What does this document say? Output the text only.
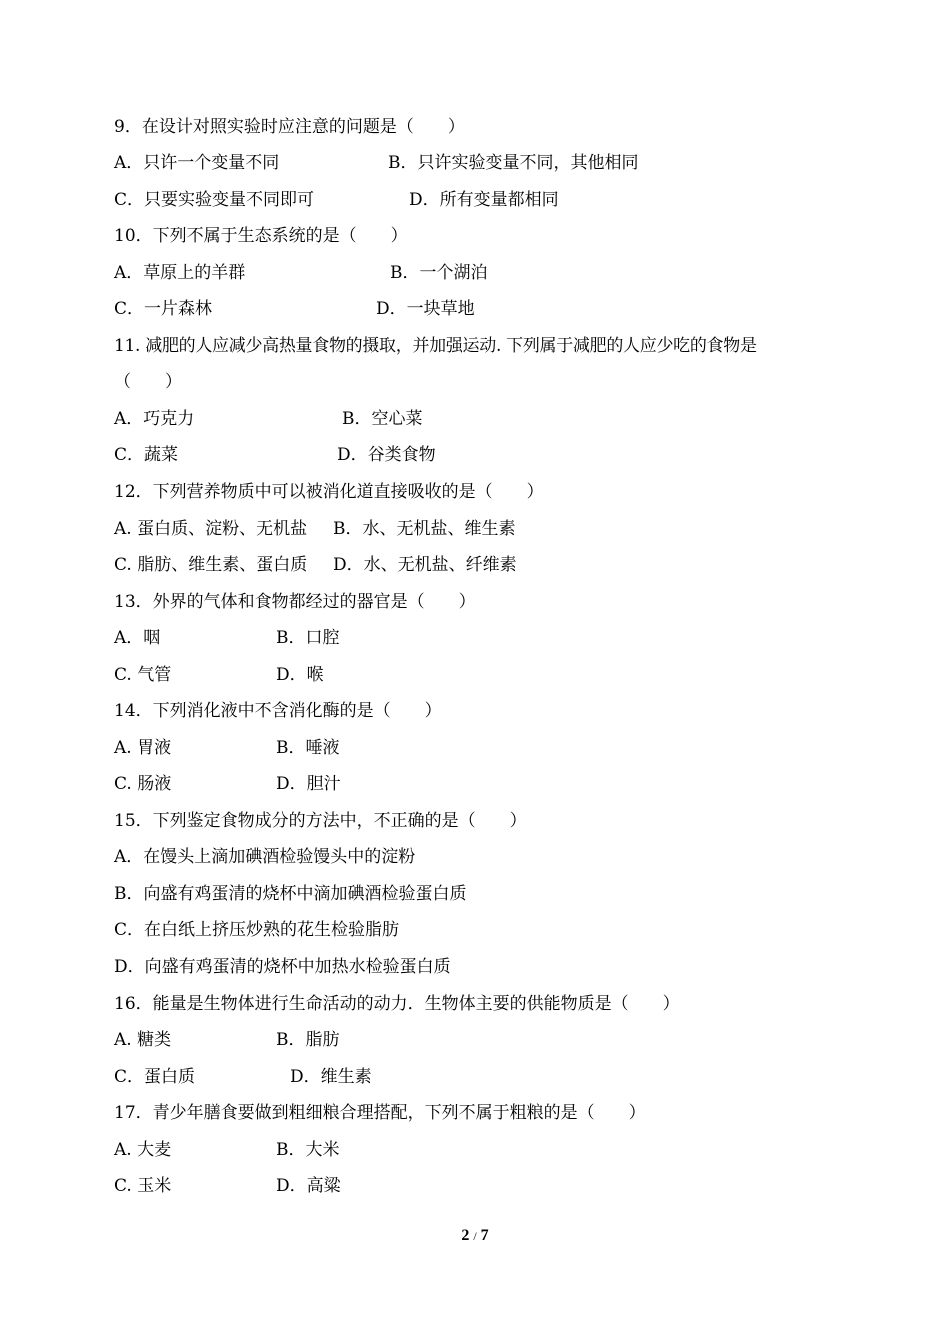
9．在设计对照实验时应注意的问题是（　　）
A．只许一个变量不同	B．只许实验变量不同，其他相同
C．只要实验变量不同即可	D．所有变量都相同
10．下列不属于生态系统的是（　　）
A．草原上的羊群	B．一个湖泊
C．一片森林	D．一块草地
11. 减肥的人应减少高热量食物的摄取，并加强运动. 下列属于减肥的人应少吃的食物是
（　　）
A．巧克力	B．空心菜
C．蔬菜	D．谷类食物
12．下列营养物质中可以被消化道直接吸收的是（　　）
A. 蛋白质、淀粉、无机盐 B．水、无机盐、维生素
C. 脂肪、维生素、蛋白质 D．水、无机盐、纤维素
13．外界的气体和食物都经过的器官是（　　）
A．咽	B．口腔
C. 气管	D．喉
14．下列消化液中不含消化酶的是（　　）
A. 胃液	B．唾液
C. 肠液	D．胆汁
15．下列鉴定食物成分的方法中，不正确的是（　　）
A．在馒头上滴加碘酒检验馒头中的淀粉
B．向盛有鸡蛋清的烧杯中滴加碘酒检验蛋白质
C．在白纸上挤压炒熟的花生检验脂肪
D．向盛有鸡蛋清的烧杯中加热水检验蛋白质
16．能量是生物体进行生命活动的动力．生物体主要的供能物质是（　　）
A. 糖类	B．脂肪
C．蛋白质	D．维生素
17．青少年膳食要做到粗细粮合理搭配，下列不属于粗粮的是（　　）
A. 大麦	B．大米
C. 玉米	D．高粱
2 / 7
